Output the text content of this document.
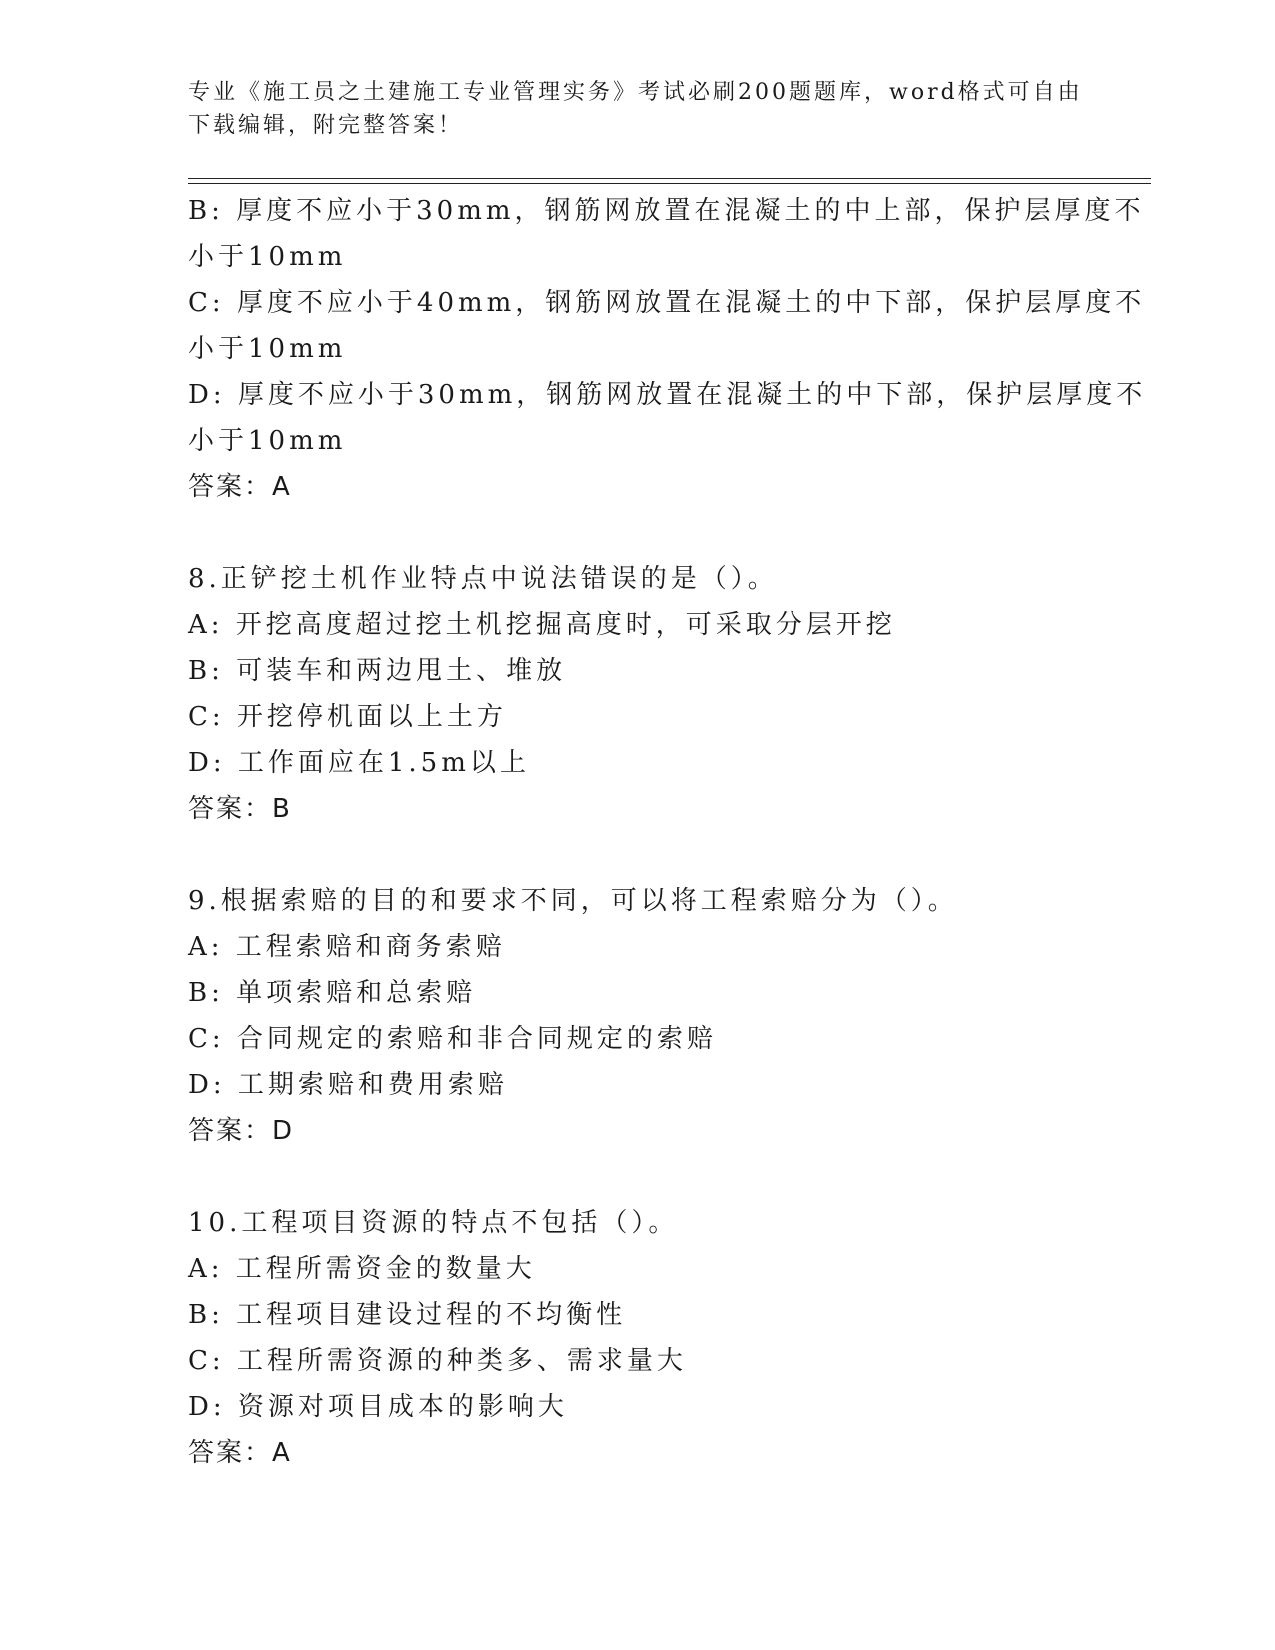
专业《施工员之土建施工专业管理实务》考试必刷200题题库，word格式可自由
下载编辑，附完整答案！
B: 厚度不应小于30mm，钢筋网放置在混凝土的中上部，保护层厚度不
小于10mm
C: 厚度不应小于40mm，钢筋网放置在混凝土的中下部，保护层厚度不
小于10mm
D: 厚度不应小于30mm，钢筋网放置在混凝土的中下部，保护层厚度不
小于10mm
答案：A
8.正铲挖土机作业特点中说法错误的是（）。
A: 开挖高度超过挖土机挖掘高度时，可采取分层开挖
B: 可装车和两边甩土、堆放
C: 开挖停机面以上土方
D: 工作面应在1.5m以上
答案：B
9.根据索赔的目的和要求不同，可以将工程索赔分为（）。
A: 工程索赔和商务索赔
B: 单项索赔和总索赔
C: 合同规定的索赔和非合同规定的索赔
D: 工期索赔和费用索赔
答案：D
10.工程项目资源的特点不包括（）。
A: 工程所需资金的数量大
B: 工程项目建设过程的不均衡性
C: 工程所需资源的种类多、需求量大
D: 资源对项目成本的影响大
答案：A
